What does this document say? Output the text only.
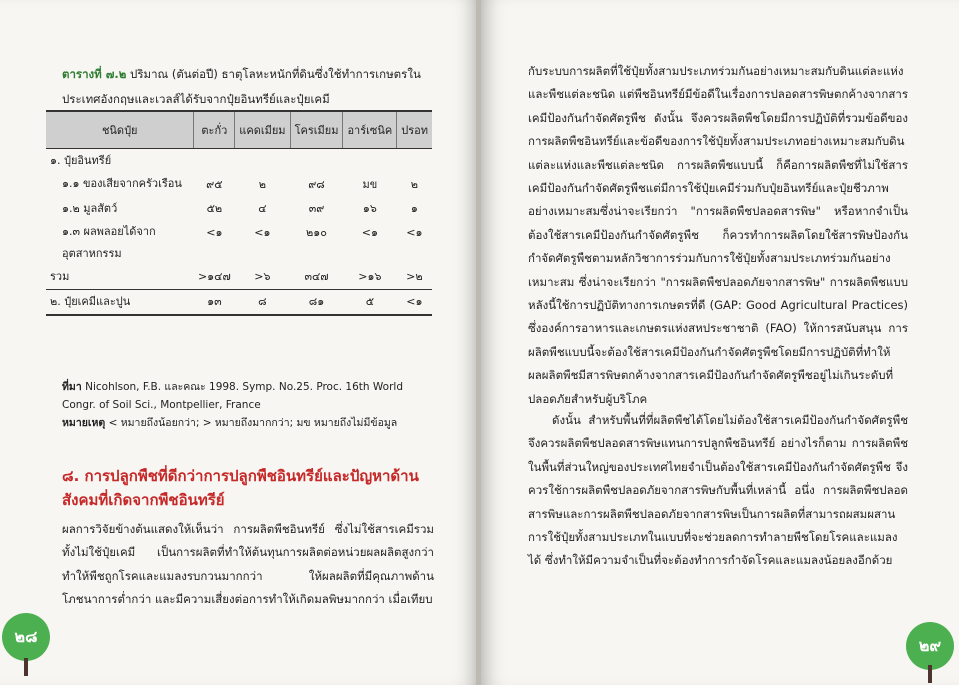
ตารางที่ ๗.๒ ปริมาณ (ตันต่อปี) ธาตุโลหะหนักที่ดินซึ่งใช้ทำการเกษตรในประเทศอังกฤษและเวลส์ได้รับจากปุ๋ยอินทรีย์และปุ๋ยเคมี
ชนิดปุ๋ย	ตะกั่ว	แคดเมียม	โครเมียม	อาร์เซนิค	ปรอท
๑. ปุ๋ยอินทรีย์					
๑.๑ ของเสียจากครัวเรือน	๙๕	๒	๙๘	มข	๒
๑.๒ มูลสัตว์	๕๒	๔	๓๙	๑๖	๑
๑.๓ ผลพลอยได้จากอุตสาหกรรม	<๑	<๑	๒๑๐	<๑	<๑
รวม	>๑๔๗	>๖	๓๔๗	>๑๖	>๒
๒. ปุ๋ยเคมีและปูน	๑๓	๘	๘๑	๕	<๑
ที่มา Nicohlson, F.B. และคณะ 1998. Symp. No.25. Proc. 16th World Congr. of Soil Sci., Montpellier, France
หมายเหตุ < หมายถึงน้อยกว่า; > หมายถึงมากกว่า; มข หมายถึงไม่มีข้อมูล
๘. การปลูกพืชที่ดีกว่าการปลูกพืชอินทรีย์และปัญหาด้านสังคมที่เกิดจากพืชอินทรีย์
ผลการวิจัยข้างต้นแสดงให้เห็นว่า การผลิตพืชอินทรีย์ ซึ่งไม่ใช้สารเคมีรวมทั้งไม่ใช้ปุ๋ยเคมี เป็นการผลิตที่ทำให้ต้นทุนการผลิตต่อหน่วยผลผลิตสูงกว่า ทำให้พืชถูกโรคและแมลงรบกวนมากกว่า ให้ผลผลิตที่มีคุณภาพด้านโภชนาการต่ำกว่า และมีความเสี่ยงต่อการทำให้เกิดมลพิษมากกว่า เมื่อเทียบ
๒๘
กับระบบการผลิตที่ใช้ปุ๋ยทั้งสามประเภทร่วมกันอย่างเหมาะสมกับดินแต่ละแห่งและพืชแต่ละชนิด แต่พืชอินทรีย์มีข้อดีในเรื่องการปลอดสารพิษตกค้างจากสารเคมีป้องกันกำจัดศัตรูพืช ดังนั้น จึงควรผลิตพืชโดยมีการปฏิบัติที่รวมข้อดีของการผลิตพืชอินทรีย์และข้อดีของการใช้ปุ๋ยทั้งสามประเภทอย่างเหมาะสมกับดินแต่ละแห่งและพืชแต่ละชนิด การผลิตพืชแบบนี้ ก็คือการผลิตพืชที่ไม่ใช้สารเคมีป้องกันกำจัดศัตรูพืชแต่มีการใช้ปุ๋ยเคมีร่วมกับปุ๋ยอินทรีย์และปุ๋ยชีวภาพอย่างเหมาะสมซึ่งน่าจะเรียกว่า "การผลิตพืชปลอดสารพิษ" หรือหากจำเป็นต้องใช้สารเคมีป้องกันกำจัดศัตรูพืช ก็ควรทำการผลิตโดยใช้สารพิษป้องกันกำจัดศัตรูพืชตามหลักวิชาการร่วมกับการใช้ปุ๋ยทั้งสามประเภทร่วมกันอย่างเหมาะสม ซึ่งน่าจะเรียกว่า "การผลิตพืชปลอดภัยจากสารพิษ" การผลิตพืชแบบหลังนี้ใช้การปฏิบัติทางการเกษตรที่ดี (GAP: Good Agricultural Practices) ซึ่งองค์การอาหารและเกษตรแห่งสหประชาชาติ (FAO) ให้การสนับสนุน การผลิตพืชแบบนี้จะต้องใช้สารเคมีป้องกันกำจัดศัตรูพืชโดยมีการปฏิบัติที่ทำให้ผลผลิตพืชมีสารพิษตกค้างจากสารเคมีป้องกันกำจัดศัตรูพืชอยู่ไม่เกินระดับที่ปลอดภัยสำหรับผู้บริโภค
ดังนั้น สำหรับพื้นที่ที่ผลิตพืชได้โดยไม่ต้องใช้สารเคมีป้องกันกำจัดศัตรูพืชจึงควรผลิตพืชปลอดสารพิษแทนการปลูกพืชอินทรีย์ อย่างไรก็ตาม การผลิตพืชในพื้นที่ส่วนใหญ่ของประเทศไทยจำเป็นต้องใช้สารเคมีป้องกันกำจัดศัตรูพืช จึงควรใช้การผลิตพืชปลอดภัยจากสารพิษกับพื้นที่เหล่านี้ อนึ่ง การผลิตพืชปลอดสารพิษและการผลิตพืชปลอดภัยจากสารพิษเป็นการผลิตที่สามารถผสมผสานการใช้ปุ๋ยทั้งสามประเภทในแบบที่จะช่วยลดการทำลายพืชโดยโรคและแมลงได้ ซึ่งทำให้มีความจำเป็นที่จะต้องทำการกำจัดโรคและแมลงน้อยลงอีกด้วย
๒๙
